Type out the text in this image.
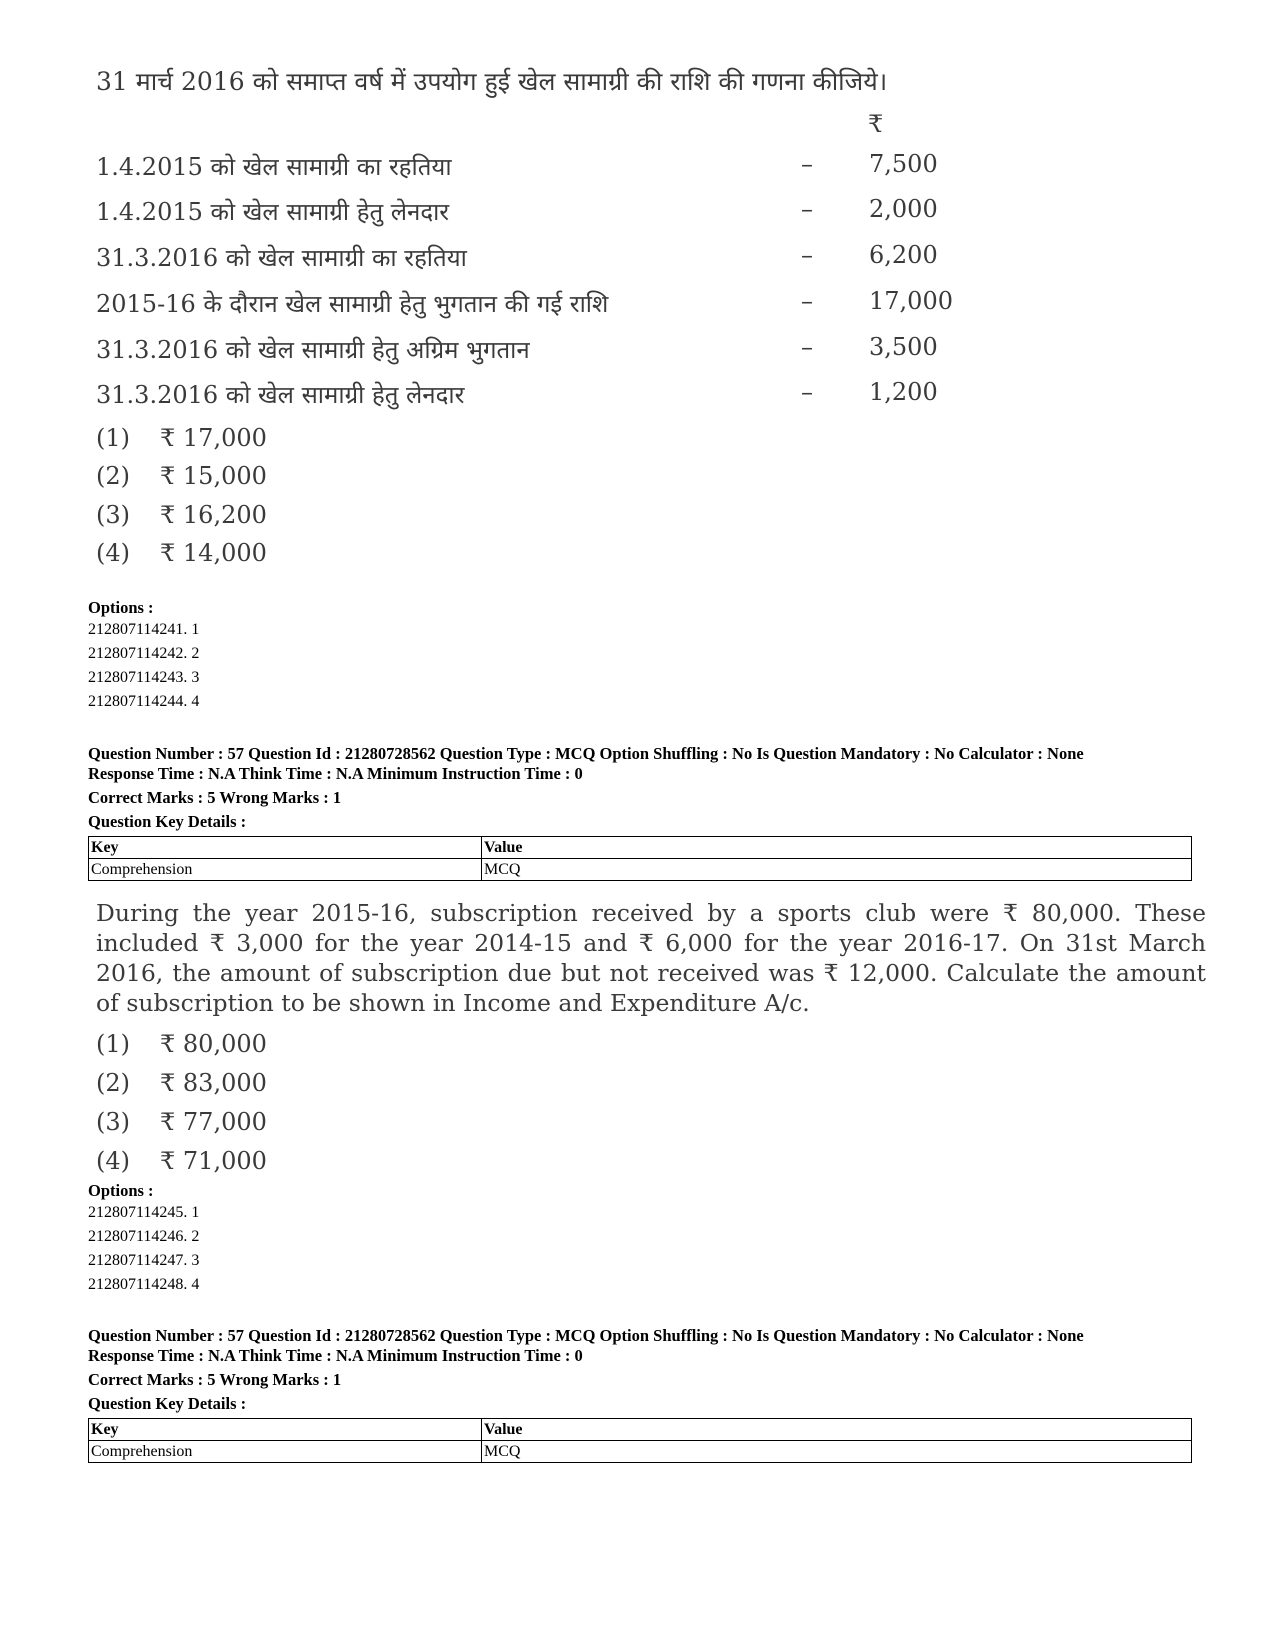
31 मार्च 2016 को समाप्त वर्ष में उपयोग हुई खेल सामाग्री की राशि की गणना कीजिये।
₹
1.4.2015 को खेल सामाग्री का रहतिया	– 7,500
1.4.2015 को खेल सामाग्री हेतु लेनदार	– 2,000
31.3.2016 को खेल सामाग्री का रहतिया	– 6,200
2015-16 के दौरान खेल सामाग्री हेतु भुगतान की गई राशि	– 17,000
31.3.2016 को खेल सामाग्री हेतु अग्रिम भुगतान	– 3,500
31.3.2016 को खेल सामाग्री हेतु लेनदार	– 1,200
(1) ₹ 17,000
(2) ₹ 15,000
(3) ₹ 16,200
(4) ₹ 14,000
Options :
212807114241. 1
212807114242. 2
212807114243. 3
212807114244. 4
Question Number : 57 Question Id : 21280728562 Question Type : MCQ Option Shuffling : No Is Question Mandatory : No Calculator : None
Response Time : N.A Think Time : N.A Minimum Instruction Time : 0
Correct Marks : 5 Wrong Marks : 1
Question Key Details :
Key	Value
Comprehension	MCQ
During the year 2015-16, subscription received by a sports club were ₹ 80,000. These included ₹ 3,000 for the year 2014-15 and ₹ 6,000 for the year 2016-17. On 31st March 2016, the amount of subscription due but not received was ₹ 12,000. Calculate the amount of subscription to be shown in Income and Expenditure A/c.
(1) ₹ 80,000
(2) ₹ 83,000
(3) ₹ 77,000
(4) ₹ 71,000
Options :
212807114245. 1
212807114246. 2
212807114247. 3
212807114248. 4
Question Number : 57 Question Id : 21280728562 Question Type : MCQ Option Shuffling : No Is Question Mandatory : No Calculator : None
Response Time : N.A Think Time : N.A Minimum Instruction Time : 0
Correct Marks : 5 Wrong Marks : 1
Question Key Details :
Key	Value
Comprehension	MCQ
